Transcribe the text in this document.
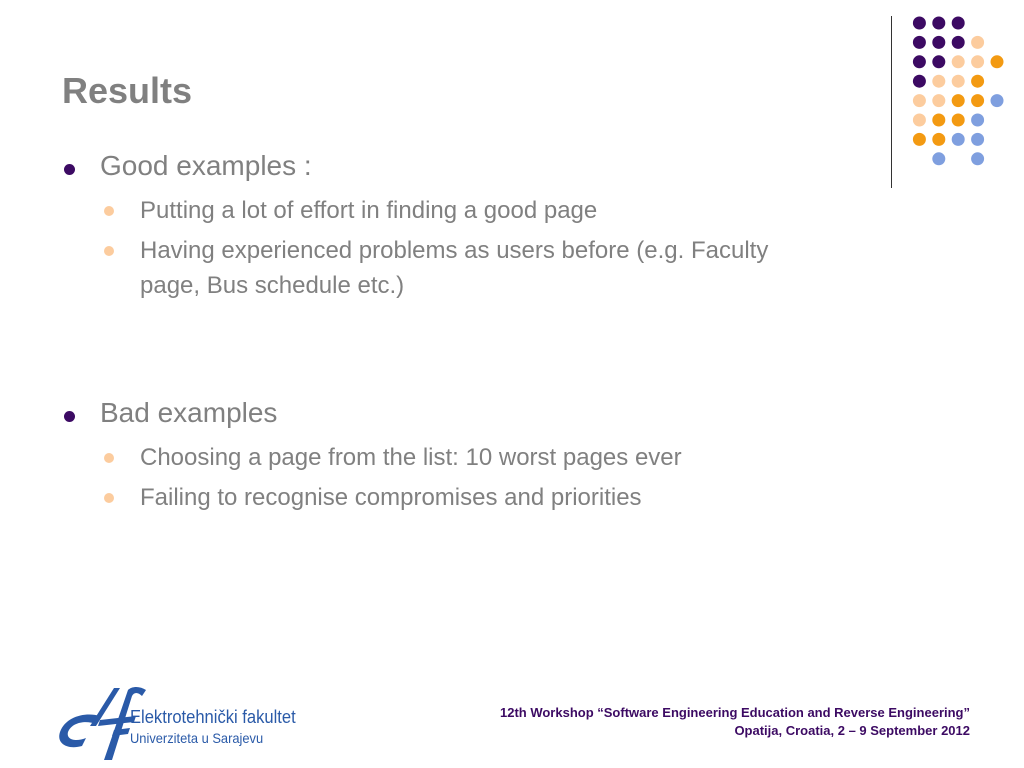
Results
Good examples :
Putting a lot of effort in finding a good page
Having experienced problems as users before (e.g. Faculty page, Bus schedule etc.)
Bad examples
Choosing a page from the list: 10 worst pages ever
Failing to recognise compromises and priorities
Elektrotehnički fakultet
Univerziteta u Sarajevu
12th Workshop “Software Engineering Education and Reverse Engineering”
Opatija, Croatia, 2 – 9 September 2012
